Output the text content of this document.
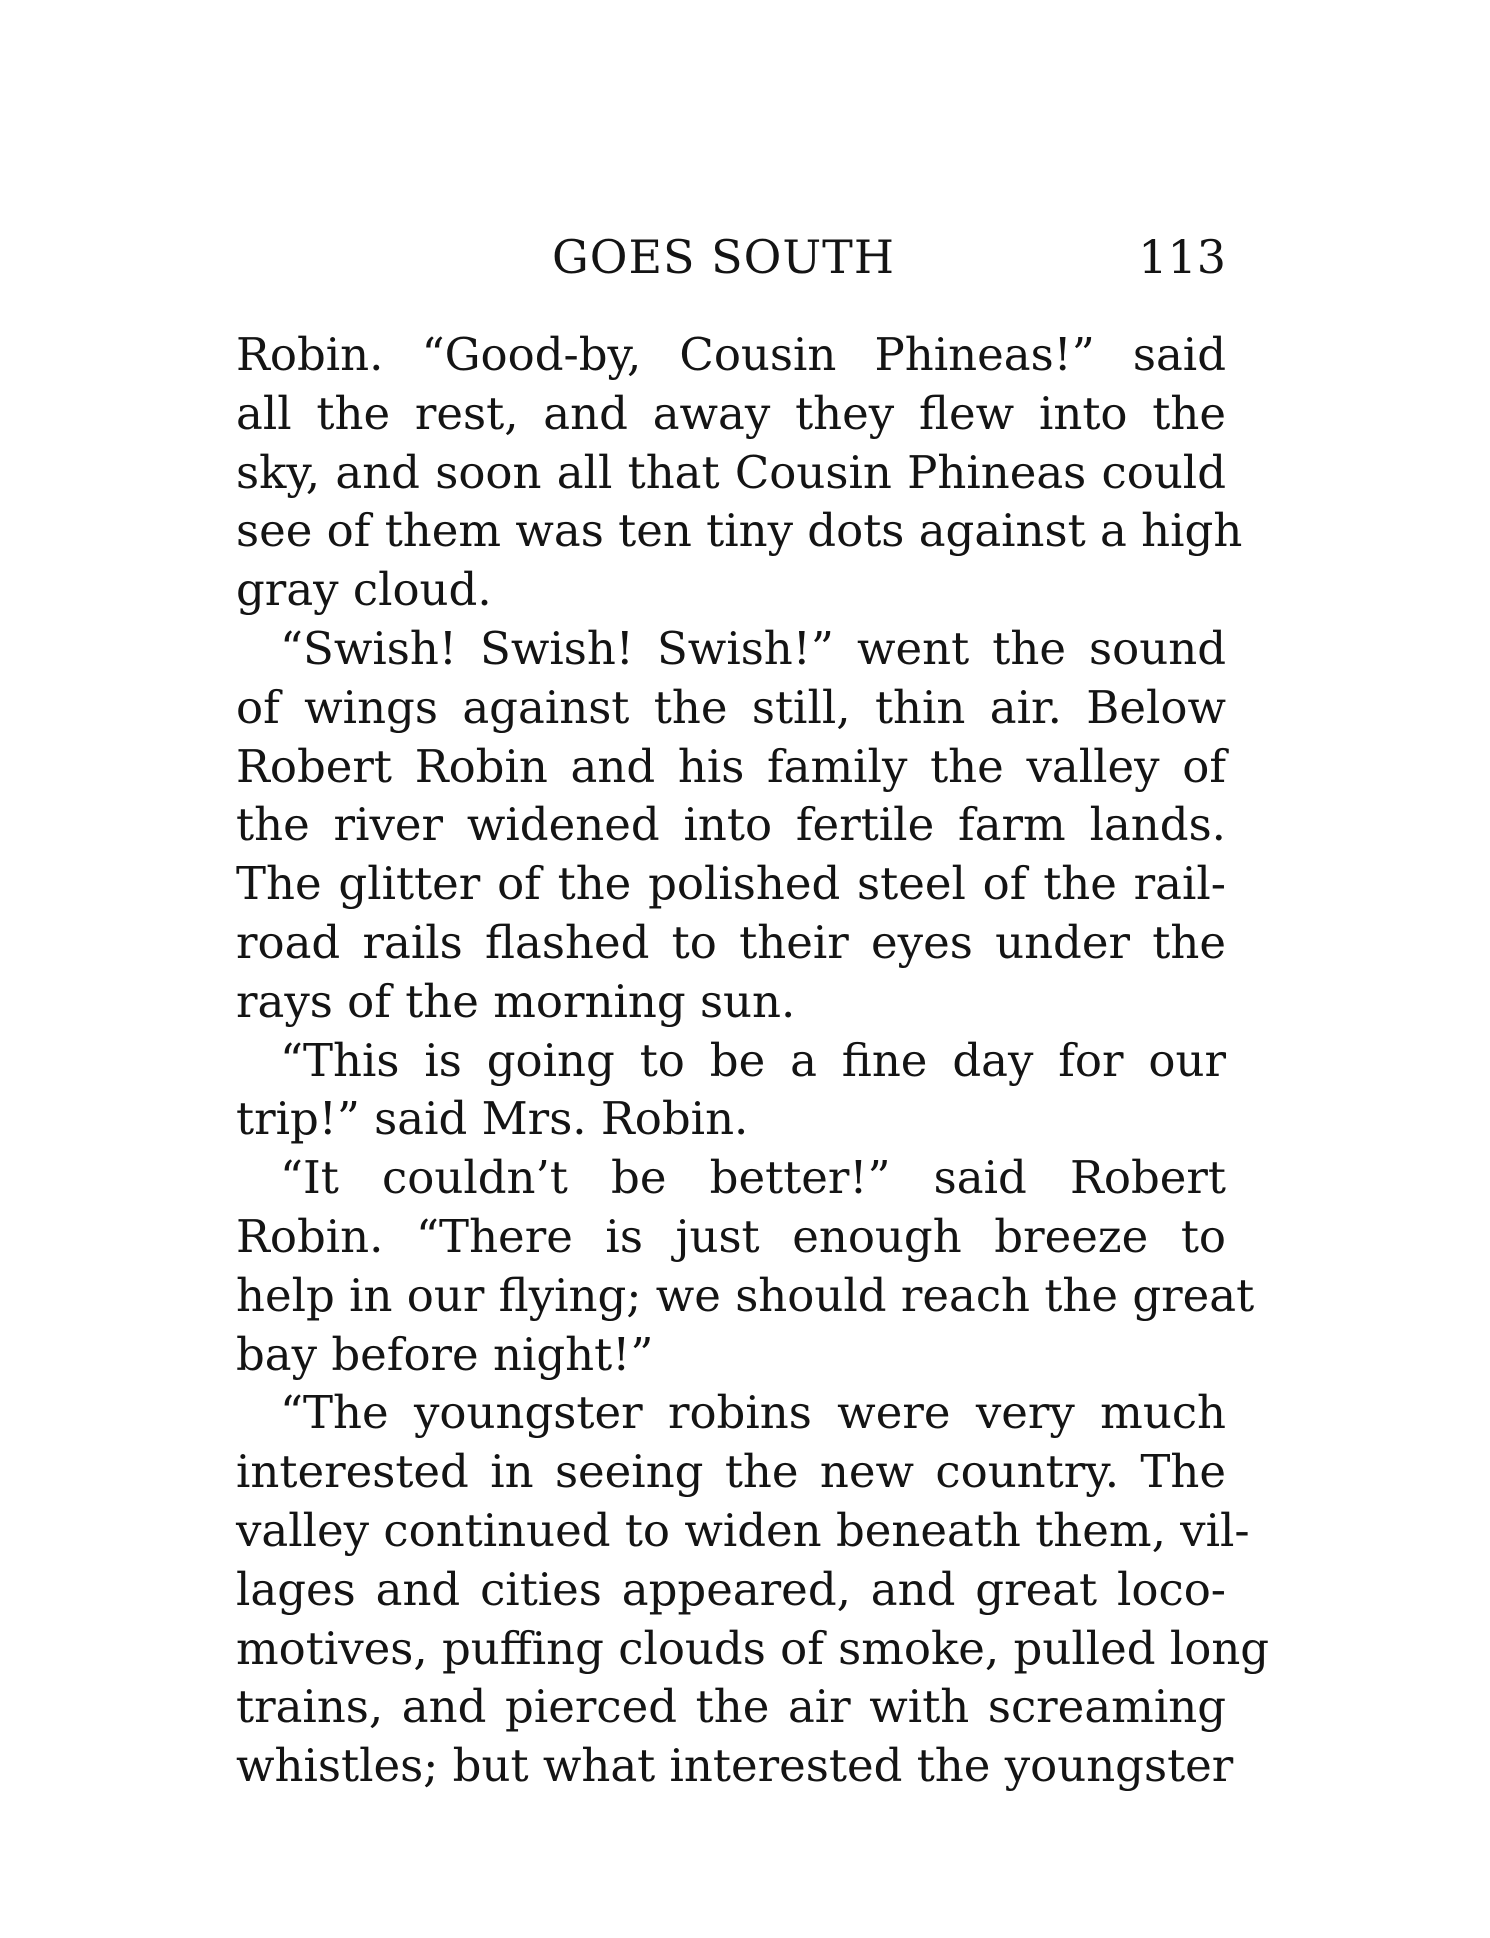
GOES SOUTH	113
Robin. “Good-by, Cousin Phineas!” said
all the rest, and away they flew into the
sky, and soon all that Cousin Phineas could
see of them was ten tiny dots against a high
gray cloud.
“Swish! Swish! Swish!” went the sound
of wings against the still, thin air. Below
Robert Robin and his family the valley of
the river widened into fertile farm lands.
The glitter of the polished steel of the rail-
road rails flashed to their eyes under the
rays of the morning sun.
“This is going to be a fine day for our
trip!” said Mrs. Robin.
“It couldn’t be better!” said Robert
Robin. “There is just enough breeze to
help in our flying; we should reach the great
bay before night!”
“The youngster robins were very much
interested in seeing the new country. The
valley continued to widen beneath them, vil-
lages and cities appeared, and great loco-
motives, puffing clouds of smoke, pulled long
trains, and pierced the air with screaming
whistles; but what interested the youngster
